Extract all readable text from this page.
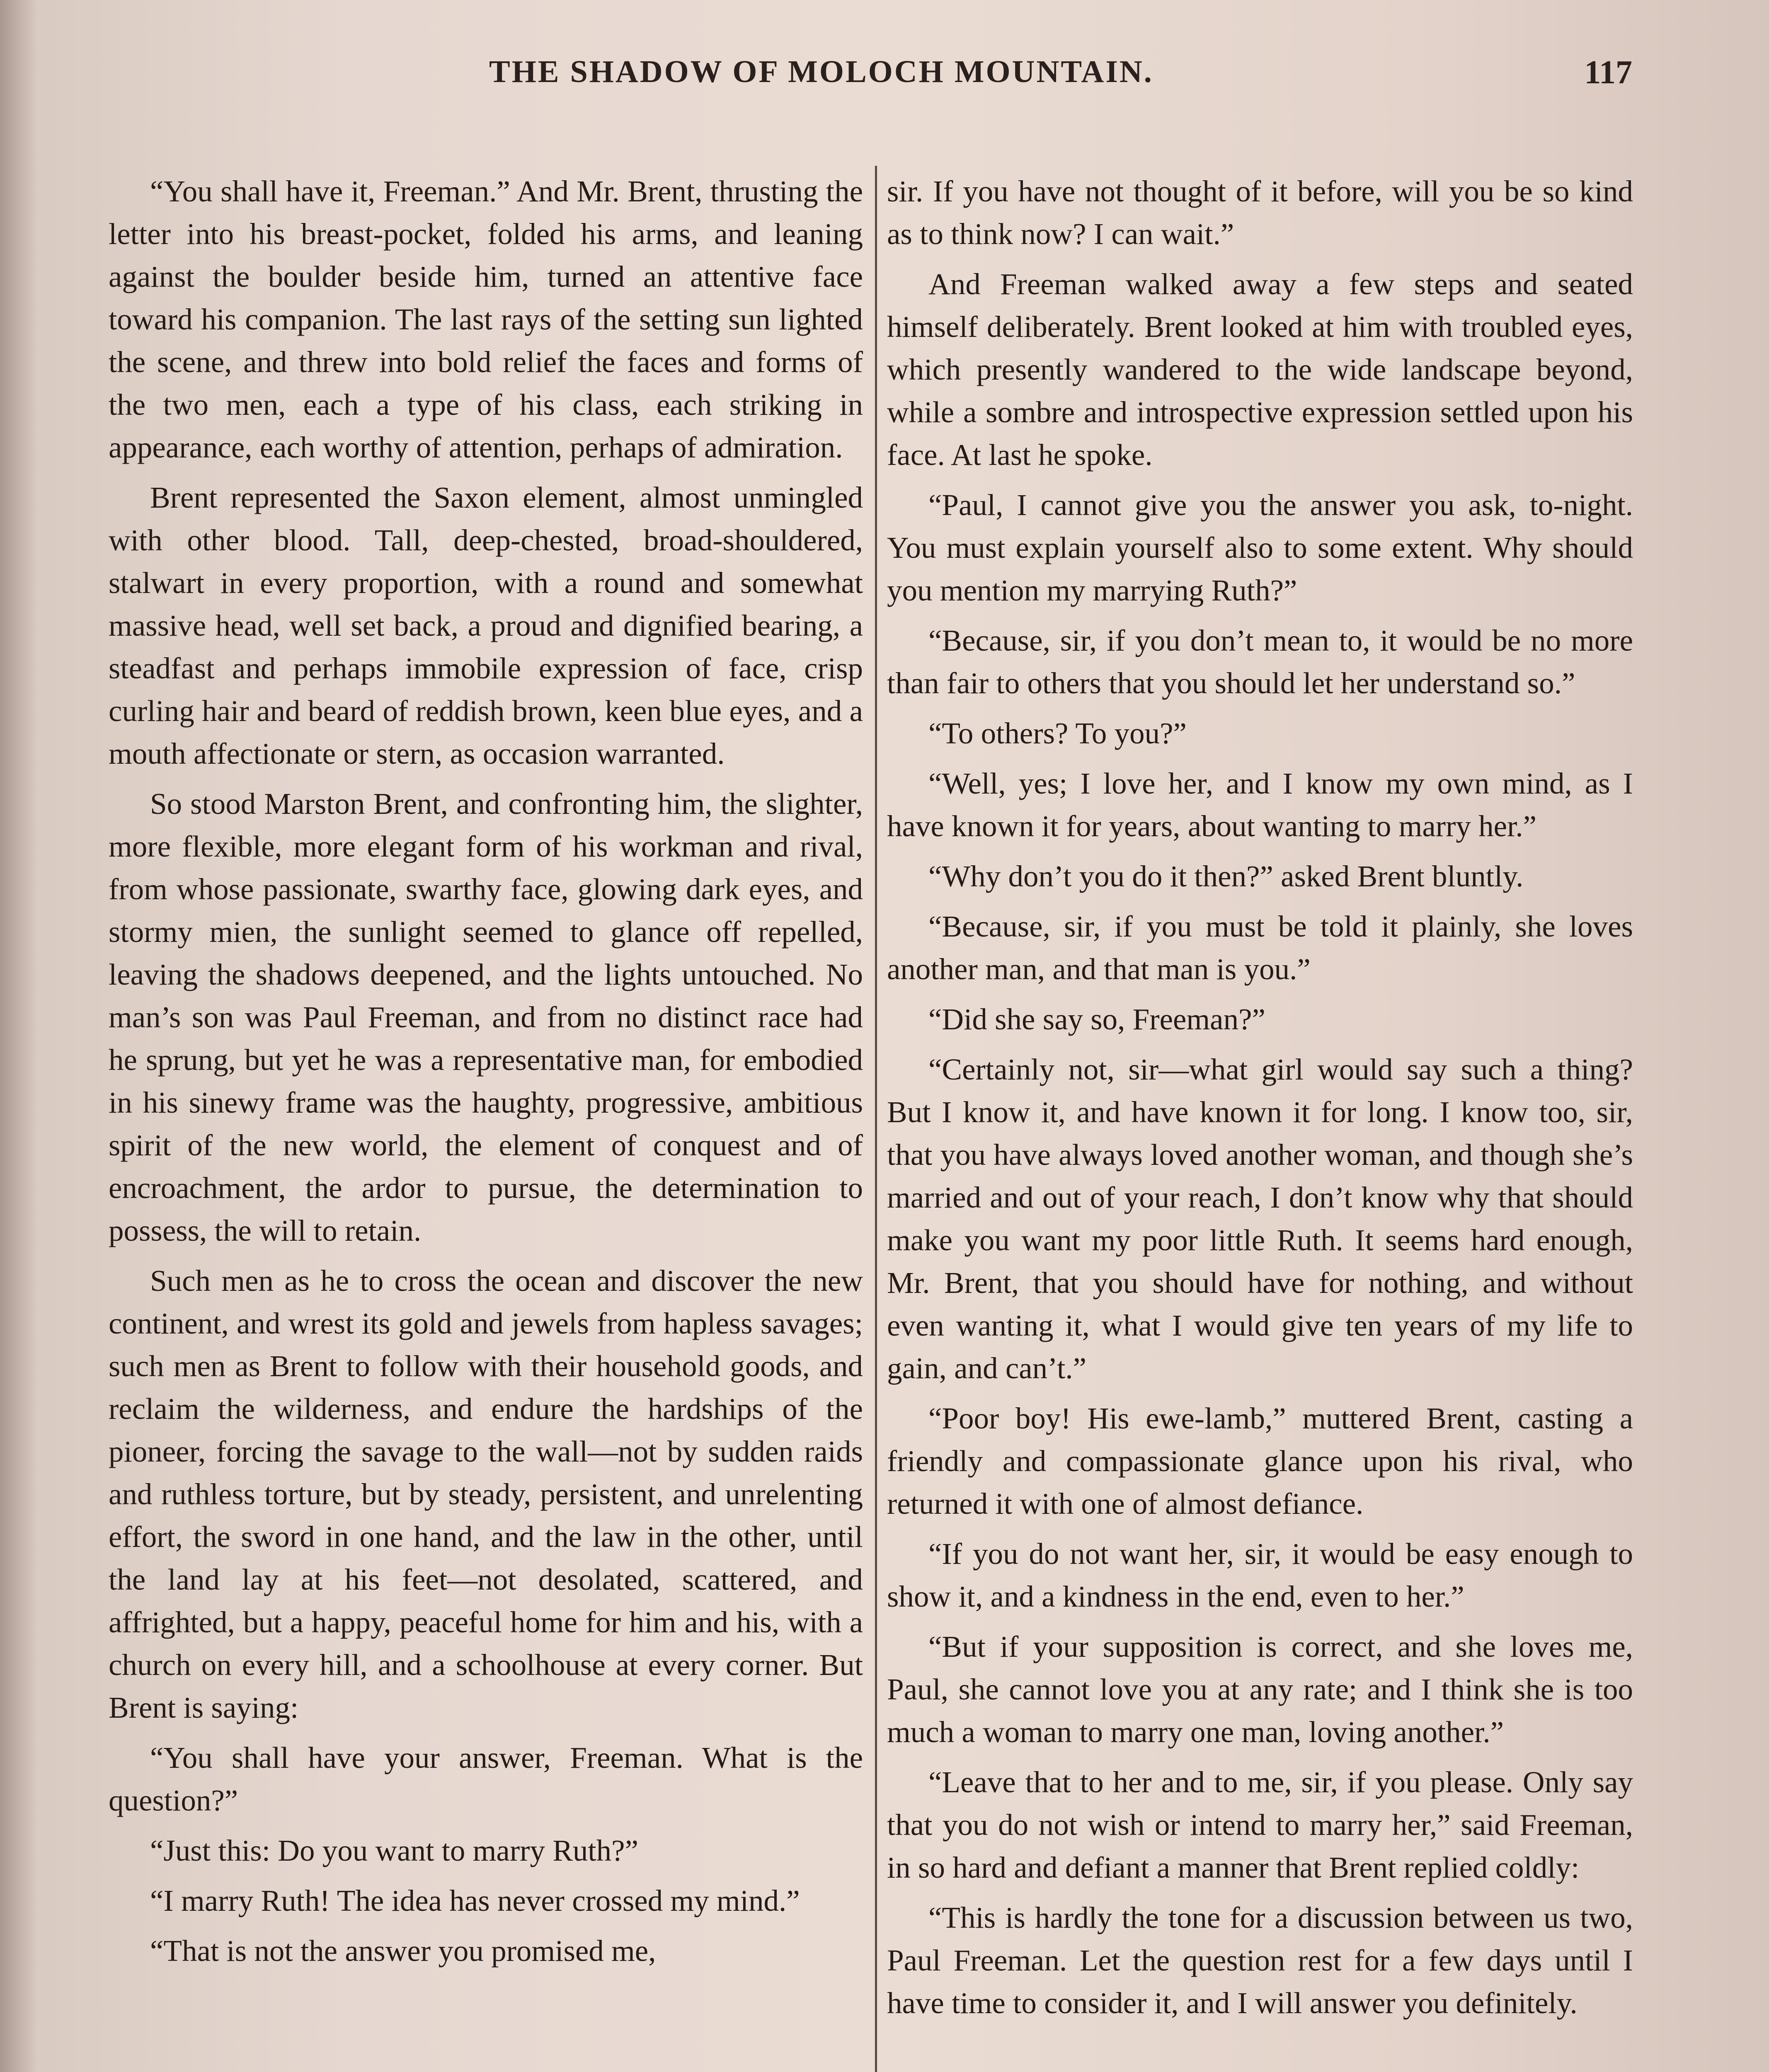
THE SHADOW OF MOLOCH MOUNTAIN.	117

“You shall have it, Freeman.” And Mr. Brent, thrusting the letter into his breast-pocket, folded his arms, and leaning against the boulder beside him, turned an attentive face toward his companion. The last rays of the setting sun lighted the scene, and threw into bold relief the faces and forms of the two men, each a type of his class, each striking in appearance, each worthy of attention, perhaps of admiration.

Brent represented the Saxon element, almost unmingled with other blood. Tall, deep-chested, broad-shouldered, stalwart in every proportion, with a round and somewhat massive head, well set back, a proud and dignified bearing, a steadfast and perhaps immobile expression of face, crisp curling hair and beard of reddish brown, keen blue eyes, and a mouth affectionate or stern, as occasion warranted.

So stood Marston Brent, and confronting him, the slighter, more flexible, more elegant form of his workman and rival, from whose passionate, swarthy face, glowing dark eyes, and stormy mien, the sunlight seemed to glance off repelled, leaving the shadows deepened, and the lights untouched. No man’s son was Paul Freeman, and from no distinct race had he sprung, but yet he was a representative man, for embodied in his sinewy frame was the haughty, progressive, ambitious spirit of the new world, the element of conquest and of encroachment, the ardor to pursue, the determination to possess, the will to retain.

Such men as he to cross the ocean and discover the new continent, and wrest its gold and jewels from hapless savages; such men as Brent to follow with their household goods, and reclaim the wilderness, and endure the hardships of the pioneer, forcing the savage to the wall—not by sudden raids and ruthless torture, but by steady, persistent, and unrelenting effort, the sword in one hand, and the law in the other, until the land lay at his feet—not desolated, scattered, and affrighted, but a happy, peaceful home for him and his, with a church on every hill, and a schoolhouse at every corner. But Brent is saying:

“You shall have your answer, Freeman. What is the question?”

“Just this: Do you want to marry Ruth?”

“I marry Ruth! The idea has never crossed my mind.”

“That is not the answer you promised me,

sir. If you have not thought of it before, will you be so kind as to think now? I can wait.”

And Freeman walked away a few steps and seated himself deliberately. Brent looked at him with troubled eyes, which presently wandered to the wide landscape beyond, while a sombre and introspective expression settled upon his face. At last he spoke.

“Paul, I cannot give you the answer you ask, to-night. You must explain yourself also to some extent. Why should you mention my marrying Ruth?”

“Because, sir, if you don’t mean to, it would be no more than fair to others that you should let her understand so.”

“To others? To you?”

“Well, yes; I love her, and I know my own mind, as I have known it for years, about wanting to marry her.”

“Why don’t you do it then?” asked Brent bluntly.

“Because, sir, if you must be told it plainly, she loves another man, and that man is you.”

“Did she say so, Freeman?”

“Certainly not, sir—what girl would say such a thing? But I know it, and have known it for long. I know too, sir, that you have always loved another woman, and though she’s married and out of your reach, I don’t know why that should make you want my poor little Ruth. It seems hard enough, Mr. Brent, that you should have for nothing, and without even wanting it, what I would give ten years of my life to gain, and can’t.”

“Poor boy! His ewe-lamb,” muttered Brent, casting a friendly and compassionate glance upon his rival, who returned it with one of almost defiance.

“If you do not want her, sir, it would be easy enough to show it, and a kindness in the end, even to her.”

“But if your supposition is correct, and she loves me, Paul, she cannot love you at any rate; and I think she is too much a woman to marry one man, loving another.”

“Leave that to her and to me, sir, if you please. Only say that you do not wish or intend to marry her,” said Freeman, in so hard and defiant a manner that Brent replied coldly:

“This is hardly the tone for a discussion between us two, Paul Freeman. Let the question rest for a few days until I have time to consider it, and I will answer you definitely.
